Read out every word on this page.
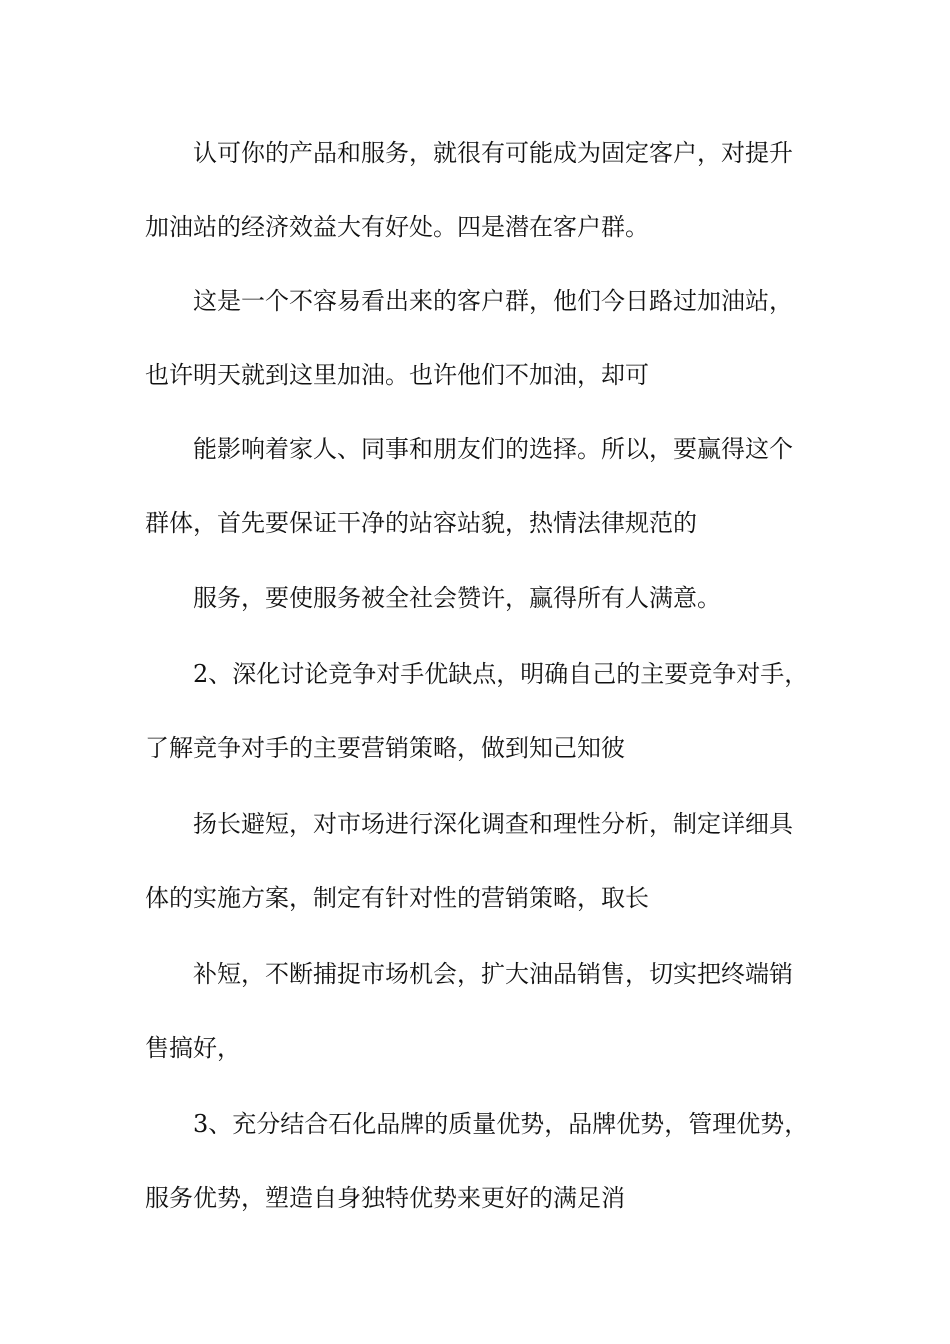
认可你的产品和服务，就很有可能成为固定客户，对提升
加油站的经济效益大有好处。四是潜在客户群。
这是一个不容易看出来的客户群，他们今日路过加油站，
也许明天就到这里加油。也许他们不加油，却可
能影响着家人、同事和朋友们的选择。所以，要赢得这个
群体，首先要保证干净的站容站貌，热情法律规范的
服务，要使服务被全社会赞许，赢得所有人满意。
2、深化讨论竞争对手优缺点，明确自己的主要竞争对手，
了解竞争对手的主要营销策略，做到知己知彼
扬长避短，对市场进行深化调查和理性分析，制定详细具
体的实施方案，制定有针对性的营销策略，取长
补短，不断捕捉市场机会，扩大油品销售，切实把终端销
售搞好，
3、充分结合石化品牌的质量优势，品牌优势，管理优势，
服务优势，塑造自身独特优势来更好的满足消
